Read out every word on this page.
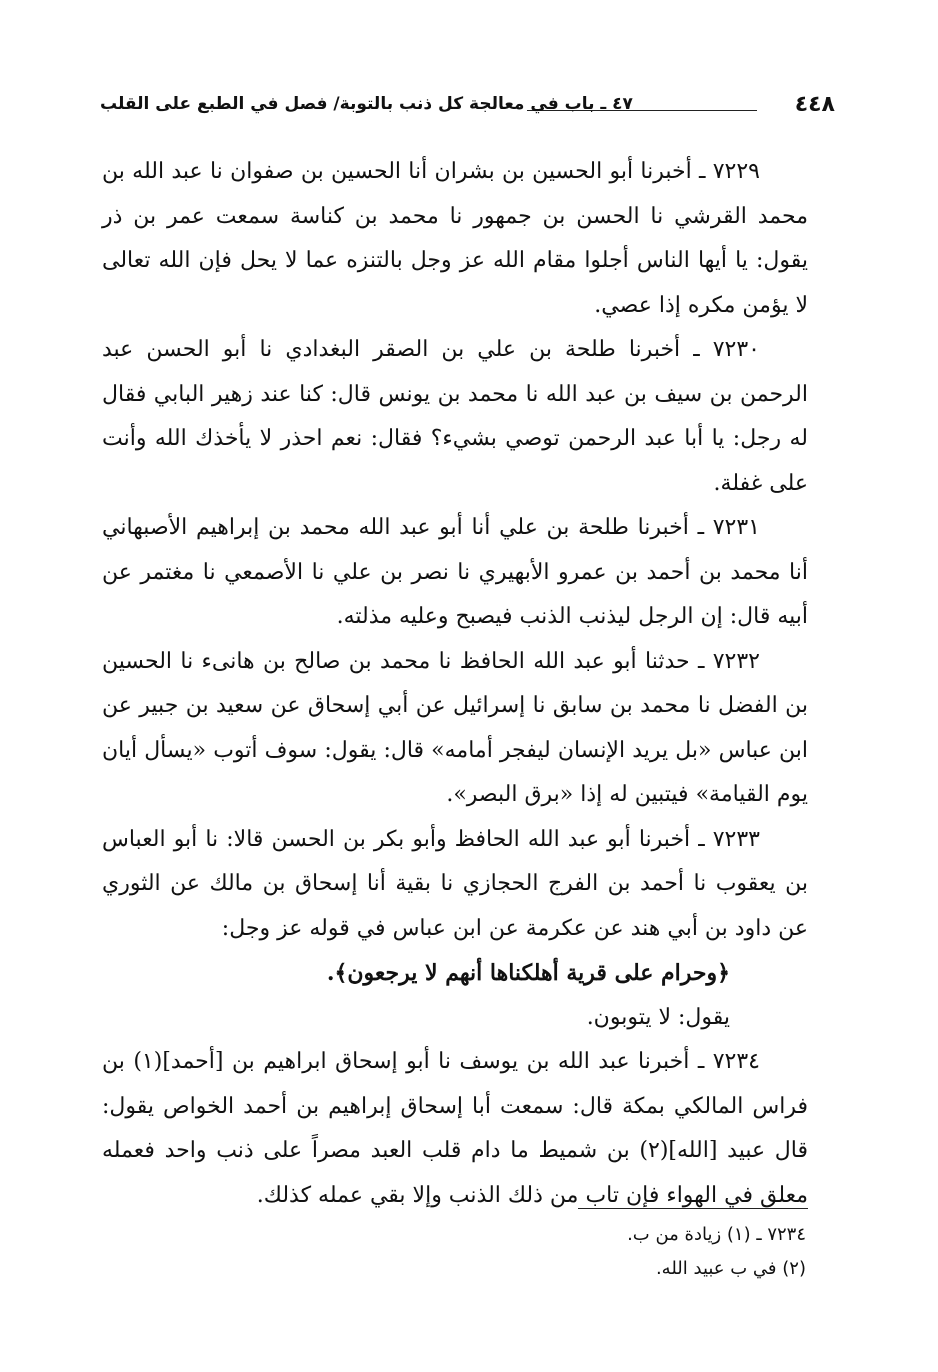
٤٤٨
٤٧ ـ باب في معالجة كل ذنب بالتوبة/ فصل في الطبع على القلب

٧٢٢٩ ـ أخبرنا أبو الحسين بن بشران أنا الحسين بن صفوان نا عبد الله بن محمد القرشي نا الحسن بن جمهور نا محمد بن كناسة سمعت عمر بن ذر يقول: يا أيها الناس أجلوا مقام الله عز وجل بالتنزه عما لا يحل فإن الله تعالى لا يؤمن مكره إذا عصي.

٧٢٣٠ ـ أخبرنا طلحة بن علي بن الصقر البغدادي نا أبو الحسن عبد الرحمن بن سيف بن عبد الله نا محمد بن يونس قال: كنا عند زهير البابي فقال له رجل: يا أبا عبد الرحمن توصي بشيء؟ فقال: نعم احذر لا يأخذك الله وأنت على غفلة.

٧٢٣١ ـ أخبرنا طلحة بن علي أنا أبو عبد الله محمد بن إبراهيم الأصبهاني أنا محمد بن أحمد بن عمرو الأبهيري نا نصر بن علي نا الأصمعي نا مغتمر عن أبيه قال: إن الرجل ليذنب الذنب فيصبح وعليه مذلته.

٧٢٣٢ ـ حدثنا أبو عبد الله الحافظ نا محمد بن صالح بن هانىء نا الحسين بن الفضل نا محمد بن سابق نا إسرائيل عن أبي إسحاق عن سعيد بن جبير عن ابن عباس «بل يريد الإنسان ليفجر أمامه» قال: يقول: سوف أتوب «يسأل أيان يوم القيامة» فيتبين له إذا «برق البصر».

٧٢٣٣ ـ أخبرنا أبو عبد الله الحافظ وأبو بكر بن الحسن قالا: نا أبو العباس بن يعقوب نا أحمد بن الفرج الحجازي نا بقية أنا إسحاق بن مالك عن الثوري عن داود بن أبي هند عن عكرمة عن ابن عباس في قوله عز وجل:

﴿وحرام على قرية أهلكناها أنهم لا يرجعون﴾.

يقول: لا يتوبون.

٧٢٣٤ ـ أخبرنا عبد الله بن يوسف نا أبو إسحاق ابراهيم بن [أحمد](١) بن فراس المالكي بمكة قال: سمعت أبا إسحاق إبراهيم بن أحمد الخواص يقول: قال عبيد [الله](٢) بن شميط ما دام قلب العبد مصراً على ذنب واحد فعمله معلق في الهواء فإن تاب من ذلك الذنب وإلا بقي عمله كذلك.

٧٢٣٤ ـ (١) زيادة من ب.
(٢) في ب عبيد الله.
